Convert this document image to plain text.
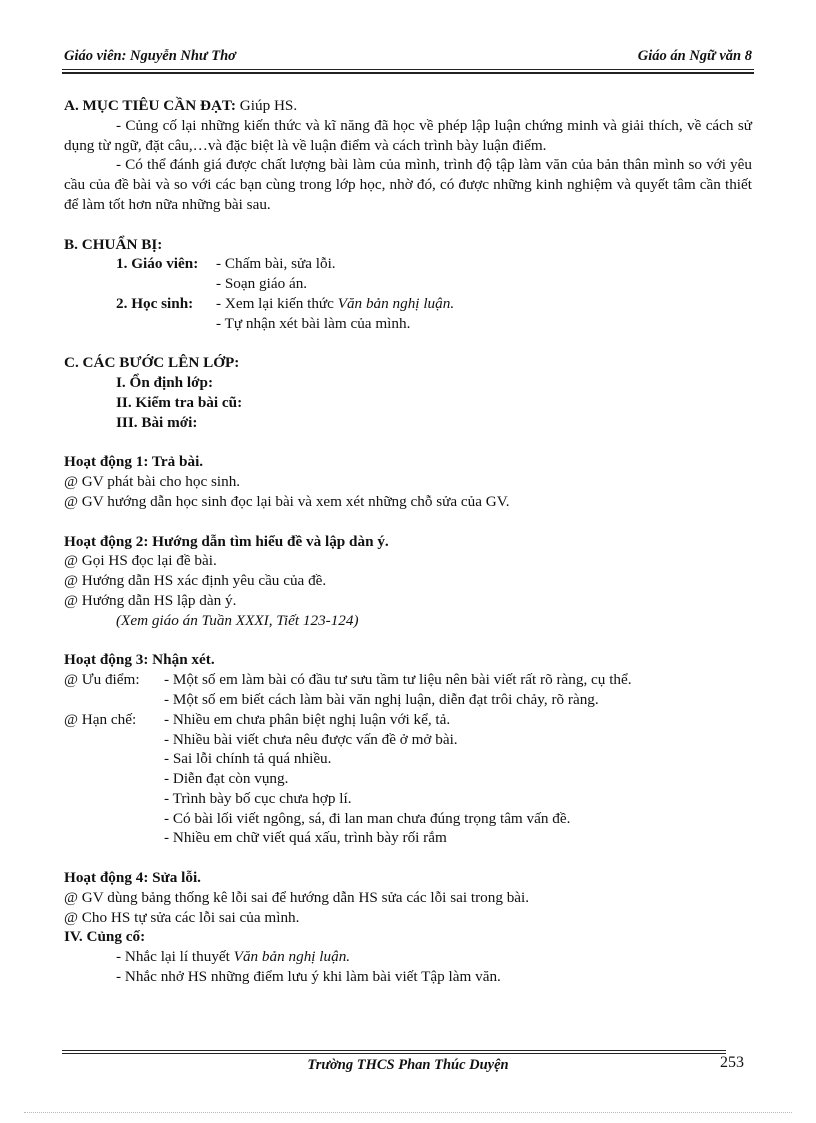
Giáo viên: Nguyễn Như Thơ	Giáo án Ngữ văn 8

A. MỤC TIÊU CẦN ĐẠT: Giúp HS.

- Củng cố lại những kiến thức và kĩ năng đã học về phép lập luận chứng minh và giải thích, về cách sử dụng từ ngữ, đặt câu,…và đặc biệt là về luận điểm và cách trình bày luận điểm.

- Có thể đánh giá được chất lượng bài làm của mình, trình độ tập làm văn của bản thân mình so với yêu cầu của đề bài và so với các bạn cùng trong lớp học, nhờ đó, có được những kinh nghiệm và quyết tâm cần thiết để làm tốt hơn nữa những bài sau.

B. CHUẨN BỊ:

1. Giáo viên:	- Chấm bài, sửa lỗi.
- Soạn giáo án.
2. Học sinh:	- Xem lại kiến thức Văn bản nghị luận.
- Tự nhận xét bài làm của mình.

C. CÁC BƯỚC LÊN LỚP:

I. Ổn định lớp:

II. Kiểm tra bài cũ:

III. Bài mới:

Hoạt động 1: Trả bài.

@ GV phát bài cho học sinh.

@ GV hướng dẫn học sinh đọc lại bài và xem xét những chỗ sửa của GV.

Hoạt động 2: Hướng dẫn tìm hiểu đề và lập dàn ý.

@ Gọi HS đọc lại đề bài.

@ Hướng dẫn HS xác định yêu cầu của đề.

@ Hướng dẫn HS lập dàn ý.

(Xem giáo án Tuần XXXI, Tiết 123-124)

Hoạt động 3: Nhận xét.

@ Ưu điểm:	- Một số em làm bài có đầu tư sưu tầm tư liệu nên bài viết rất rõ ràng, cụ thể.
- Một số em biết cách làm bài văn nghị luận, diễn đạt trôi chảy, rõ ràng.
@ Hạn chế:	- Nhiều em chưa phân biệt nghị luận với kể, tả.
- Nhiều bài viết chưa nêu được vấn đề ở mở bài.
- Sai lỗi chính tả quá nhiều.
- Diễn đạt còn vụng.
- Trình bày bố cục chưa hợp lí.
- Có bài lối viết ngông, sá, đi lan man chưa đúng trọng tâm vấn đề.
- Nhiều em chữ viết quá xấu, trình bày rối rắm

Hoạt động 4: Sửa lỗi.

@ GV dùng bảng thống kê lỗi sai để hướng dẫn HS sửa các lỗi sai trong bài.

@ Cho HS tự sửa các lỗi sai của mình.

IV. Củng cố:

- Nhắc lại lí thuyết Văn bản nghị luận.

- Nhắc nhở HS những điểm lưu ý khi làm bài viết Tập làm văn.

Trường THCS Phan Thúc Duyện	253
